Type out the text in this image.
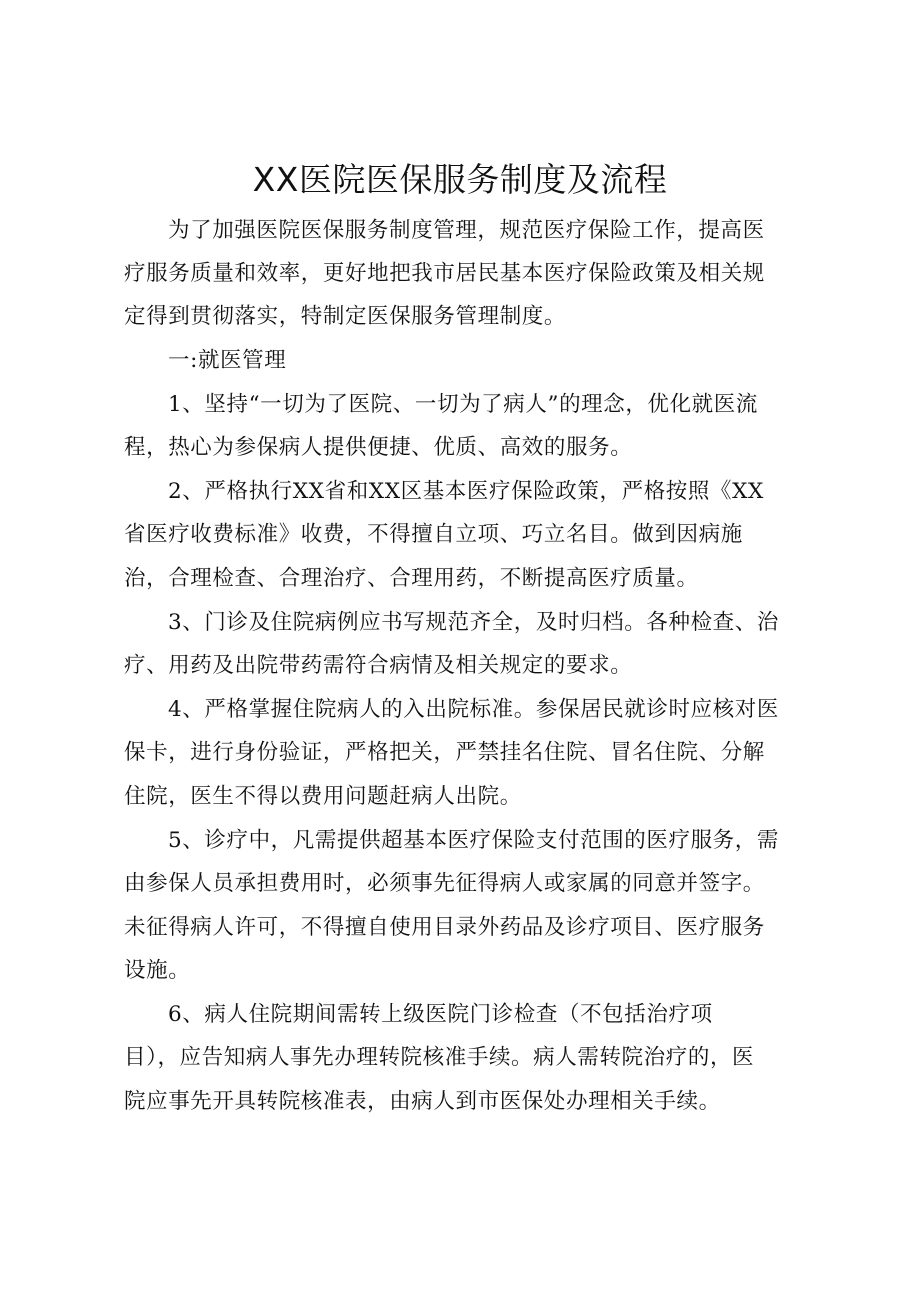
XX医院医保服务制度及流程
为了加强医院医保服务制度管理，规范医疗保险工作，提高医
疗服务质量和效率，更好地把我市居民基本医疗保险政策及相关规
定得到贯彻落实，特制定医保服务管理制度。
一:就医管理
1、坚持“一切为了医院、一切为了病人”的理念，优化就医流
程，热心为参保病人提供便捷、优质、高效的服务。
2、严格执行XX省和XX区基本医疗保险政策，严格按照《XX
省医疗收费标准》收费，不得擅自立项、巧立名目。做到因病施
治，合理检查、合理治疗、合理用药，不断提高医疗质量。
3、门诊及住院病例应书写规范齐全，及时归档。各种检查、治
疗、用药及出院带药需符合病情及相关规定的要求。
4、严格掌握住院病人的入出院标准。参保居民就诊时应核对医
保卡，进行身份验证，严格把关，严禁挂名住院、冒名住院、分解
住院，医生不得以费用问题赶病人出院。
5、诊疗中，凡需提供超基本医疗保险支付范围的医疗服务，需
由参保人员承担费用时，必须事先征得病人或家属的同意并签字。
未征得病人许可，不得擅自使用目录外药品及诊疗项目、医疗服务
设施。
6、病人住院期间需转上级医院门诊检查（不包括治疗项
目），应告知病人事先办理转院核准手续。病人需转院治疗的，医
院应事先开具转院核准表，由病人到市医保处办理相关手续。
